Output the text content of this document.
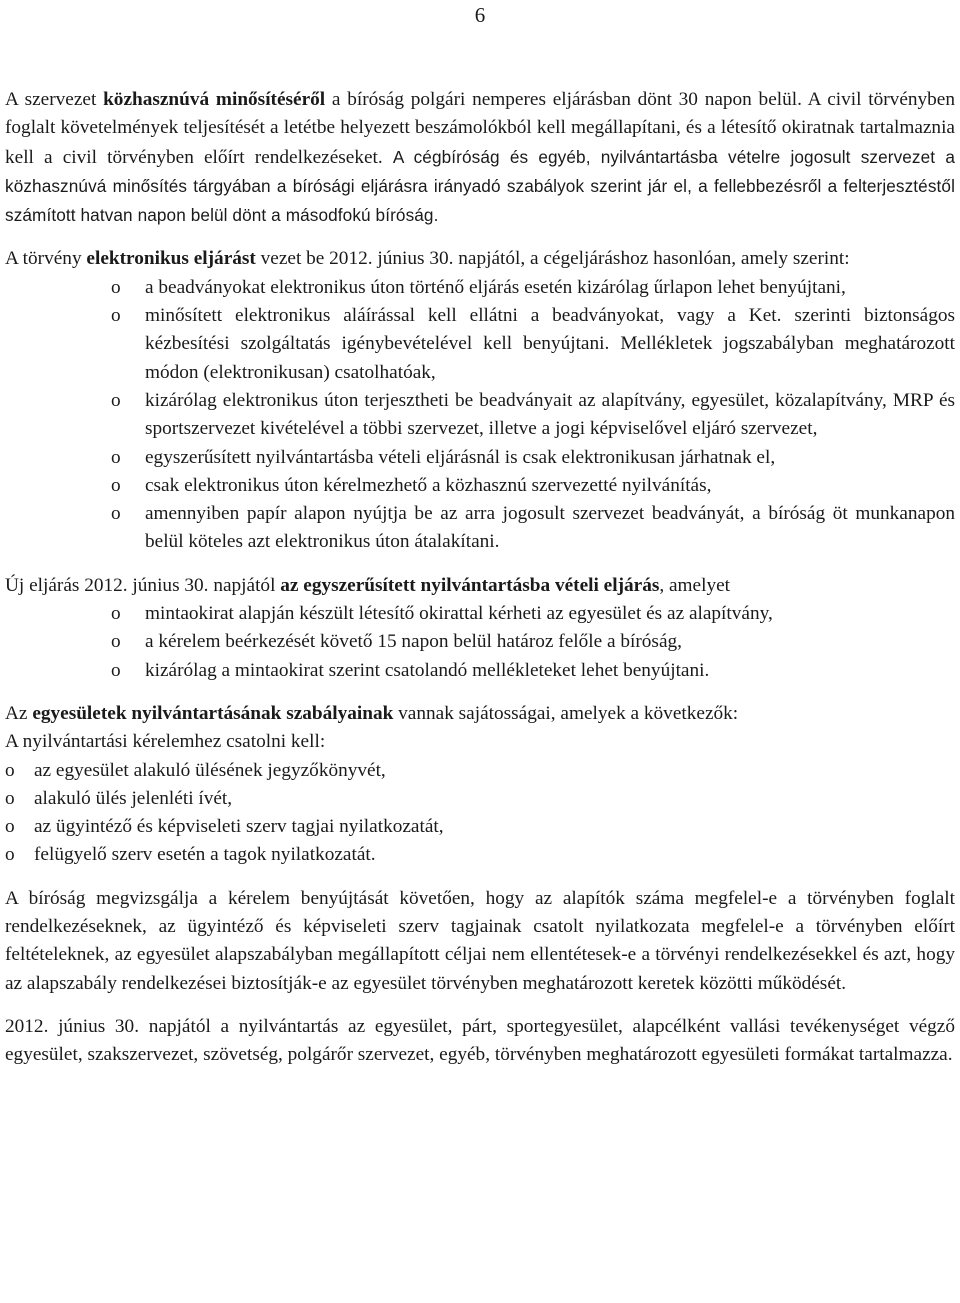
6

A szervezet közhasznúvá minősítéséről a bíróság polgári nemperes eljárásban dönt 30 napon belül. A civil törvényben foglalt követelmények teljesítését a letétbe helyezett beszámolókból kell megállapítani, és a létesítő okiratnak tartalmaznia kell a civil törvényben előírt rendelkezéseket. A cégbíróság és egyéb, nyilvántartásba vételre jogosult szervezet a közhasznúvá minősítés tárgyában a bírósági eljárásra irányadó szabályok szerint jár el, a fellebbezésről a felterjesztéstől számított hatvan napon belül dönt a másodfokú bíróság.

A törvény elektronikus eljárást vezet be 2012. június 30. napjától, a cégeljáráshoz hasonlóan, amely szerint:

o a beadványokat elektronikus úton történő eljárás esetén kizárólag űrlapon lehet benyújtani,
o minősített elektronikus aláírással kell ellátni a beadványokat, vagy a Ket. szerinti biztonságos kézbesítési szolgáltatás igénybevételével kell benyújtani. Mellékletek jogszabályban meghatározott módon (elektronikusan) csatolhatóak,
o kizárólag elektronikus úton terjesztheti be beadványait az alapítvány, egyesület, közalapítvány, MRP és sportszervezet kivételével a többi szervezet, illetve a jogi képviselővel eljáró szervezet,
o egyszerűsített nyilvántartásba vételi eljárásnál is csak elektronikusan járhatnak el,
o csak elektronikus úton kérelmezhető a közhasznú szervezetté nyilvánítás,
o amennyiben papír alapon nyújtja be az arra jogosult szervezet beadványát, a bíróság öt munkanapon belül köteles azt elektronikus úton átalakítani.

Új eljárás 2012. június 30. napjától az egyszerűsített nyilvántartásba vételi eljárás, amelyet

o mintaokirat alapján készült létesítő okirattal kérheti az egyesület és az alapítvány,
o a kérelem beérkezését követő 15 napon belül határoz felőle a bíróság,
o kizárólag a mintaokirat szerint csatolandó mellékleteket lehet benyújtani.

Az egyesületek nyilvántartásának szabályainak vannak sajátosságai, amelyek a következők:

A nyilvántartási kérelemhez csatolni kell:

o az egyesület alakuló ülésének jegyzőkönyvét,
o alakuló ülés jelenléti ívét,
o az ügyintéző és képviseleti szerv tagjai nyilatkozatát,
o felügyelő szerv esetén a tagok nyilatkozatát.

A bíróság megvizsgálja a kérelem benyújtását követően, hogy az alapítók száma megfelel-e a törvényben foglalt rendelkezéseknek, az ügyintéző és képviseleti szerv tagjainak csatolt nyilatkozata megfelel-e a törvényben előírt feltételeknek, az egyesület alapszabályban megállapított céljai nem ellentétesek-e a törvényi rendelkezésekkel és azt, hogy az alapszabály rendelkezései biztosítják-e az egyesület törvényben meghatározott keretek közötti működését.

2012. június 30. napjától a nyilvántartás az egyesület, párt, sportegyesület, alapcélként vallási tevékenységet végző egyesület, szakszervezet, szövetség, polgárőr szervezet, egyéb, törvényben meghatározott egyesületi formákat tartalmazza.
